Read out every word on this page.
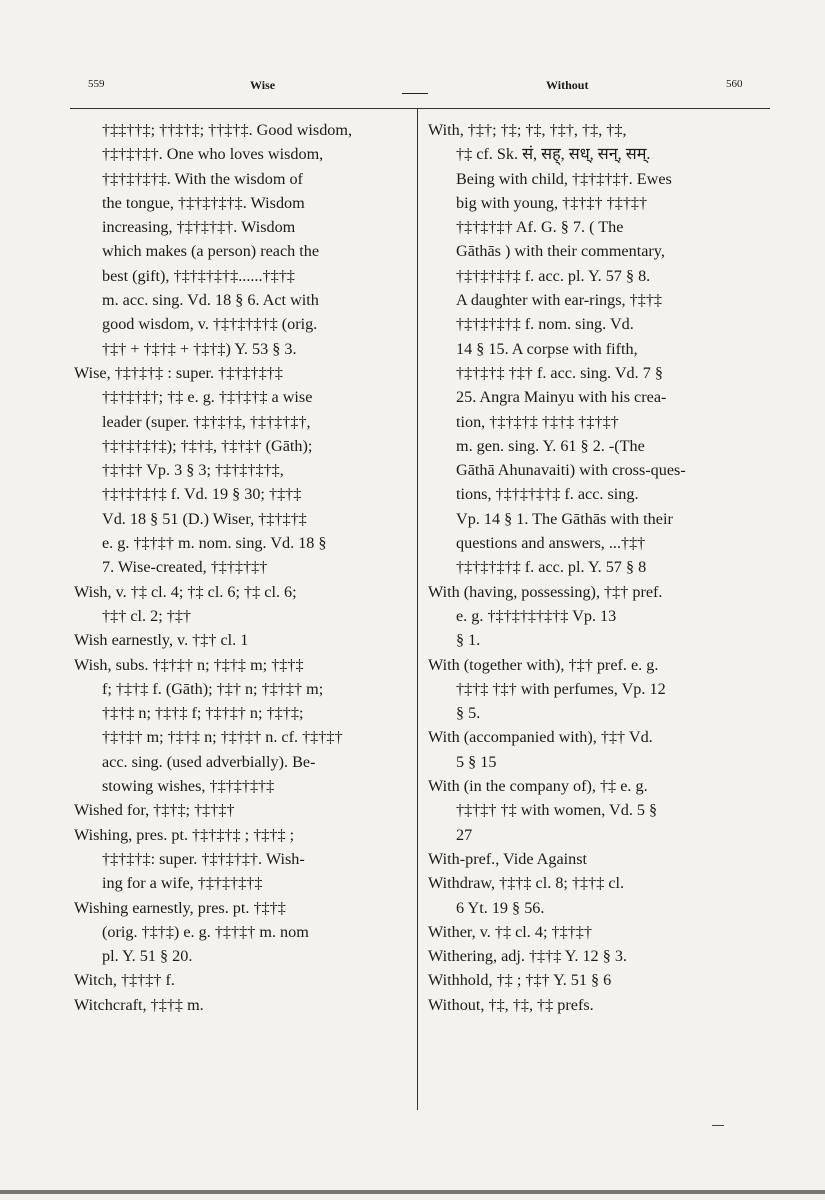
559	Wise	Without	560
†‡‡††‡; ††‡†‡; ††‡†‡. Good wisdom,
†‡†‡†‡†. One who loves wisdom,
†‡†‡†‡†‡. With the wisdom of
the tongue, †‡†‡†‡†‡. Wisdom
increasing, †‡†‡†‡†. Wisdom
which makes (a person) reach the
best (gift), †‡†‡†‡†‡......†‡†‡
m. acc. sing. Vd. 18 § 6. Act with
good wisdom, v. †‡†‡†‡†‡ (orig.
†‡† + †‡†‡ + †‡†‡) Y. 53 § 3.
Wise, †‡†‡†‡ : super. †‡†‡†‡†‡
†‡†‡†‡†; †‡ e. g. †‡†‡†‡ a wise
leader (super. †‡†‡†‡, †‡†‡†‡†,
†‡†‡†‡†‡); †‡†‡, †‡†‡† (Gāth);
†‡†‡† Vp. 3 § 3; †‡†‡†‡†‡,
†‡†‡†‡†‡ f. Vd. 19 § 30; †‡†‡
Vd. 18 § 51 (D.) Wiser, †‡†‡†‡
e. g. †‡†‡† m. nom. sing. Vd. 18 §
7. Wise-created, †‡†‡†‡†
Wish, v. †‡ cl. 4; †‡ cl. 6; †‡ cl. 6;
†‡† cl. 2; †‡†
Wish earnestly, v. †‡† cl. 1
Wish, subs. †‡†‡† n; †‡†‡ m; †‡†‡
f; †‡†‡ f. (Gāth); †‡† n; †‡†‡† m;
†‡†‡ n; †‡†‡ f; †‡†‡† n; †‡†‡;
†‡†‡† m; †‡†‡ n; †‡†‡† n. cf. †‡†‡†
acc. sing. (used adverbially). Be-
stowing wishes, †‡†‡†‡†‡
Wished for, †‡†‡; †‡†‡†
Wishing, pres. pt. †‡†‡†‡ ; †‡†‡ ;
†‡†‡†‡: super. †‡†‡†‡†. Wish-
ing for a wife, †‡†‡†‡†‡
Wishing earnestly, pres. pt. †‡†‡
(orig. †‡†‡) e. g. †‡†‡† m. nom
pl. Y. 51 § 20.
Witch, †‡†‡† f.
Witchcraft, †‡†‡ m.
With, †‡†; †‡; †‡, †‡†, †‡, †‡,
†‡ cf. Sk. सं, सह्, सध्, सन्, सम्.
Being with child, †‡†‡†‡†. Ewes
big with young, †‡†‡† †‡†‡†
†‡†‡†‡† Af. G. § 7. ( The
Gāthās ) with their commentary,
†‡†‡†‡†‡ f. acc. pl. Y. 57 § 8.
A daughter with ear-rings, †‡†‡
†‡†‡†‡†‡ f. nom. sing. Vd.
14 § 15. A corpse with fifth,
†‡†‡†‡ †‡† f. acc. sing. Vd. 7 §
25. Angra Mainyu with his crea-
tion, †‡†‡†‡ †‡†‡ †‡†‡†
m. gen. sing. Y. 61 § 2. -(The
Gāthā Ahunavaiti) with cross-ques-
tions, †‡†‡†‡†‡ f. acc. sing.
Vp. 14 § 1. The Gāthās with their
questions and answers, ...†‡†
†‡†‡†‡†‡ f. acc. pl. Y. 57 § 8
With (having, possessing), †‡† pref.
e. g. †‡†‡†‡†‡†‡ Vp. 13
§ 1.
With (together with), †‡† pref. e. g.
†‡†‡ †‡† with perfumes, Vp. 12
§ 5.
With (accompanied with), †‡† Vd.
5 § 15
With (in the company of), †‡ e. g.
†‡†‡† †‡ with women, Vd. 5 §
27
With-pref., Vide Against
Withdraw, †‡†‡ cl. 8; †‡†‡ cl.
6 Yt. 19 § 56.
Wither, v. †‡ cl. 4; †‡†‡†
Withering, adj. †‡†‡ Y. 12 § 3.
Withhold, †‡ ; †‡† Y. 51 § 6
Without, †‡, †‡, †‡ prefs.
